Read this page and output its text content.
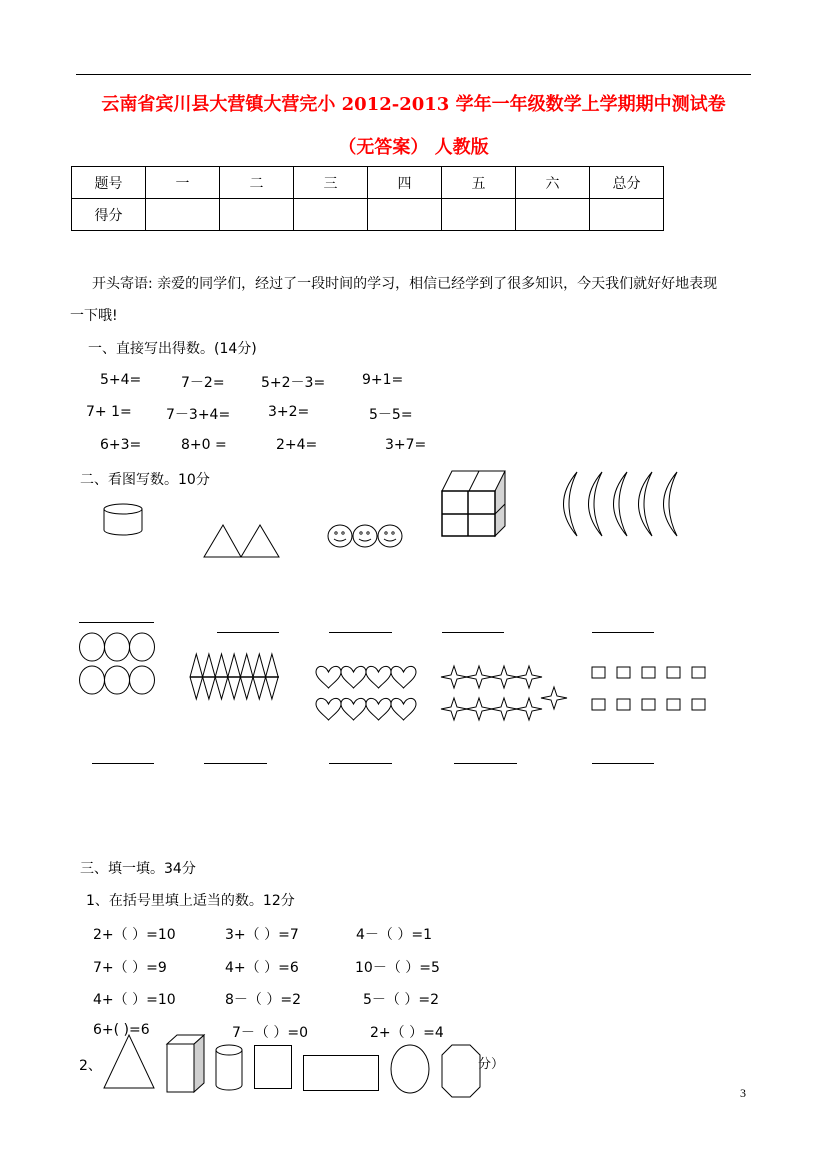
云南省宾川县大营镇大营完小 2012-2013 学年一年级数学上学期期中测试卷
（无答案） 人教版
题号	一	二	三	四	五	六	总分
得分							
开头寄语: 亲爱的同学们，经过了一段时间的学习，相信已经学到了很多知识，今天我们就好好地表现
一下哦!
一、直接写出得数。(14分)
5+4=	7－2=	5+2－3=	9+1=
7+ 1= 7－3+4=	3+2=	5－5=
6+3=	8+0 =	2+4=	3+7=
二、看图写数。10分
三、填一填。34分
1、在括号里填上适当的数。12分
2+（ ）=10	3+（ ）=7	4－（ ）=1
7+（ ）=9	4+（ ）=6	10－（ ）=5
4+（ ）=10	8－（ ）=2	5－（ ）=2
6+( )=6	7－（ ）=0	2+（ ）=4
2、	分）
3
